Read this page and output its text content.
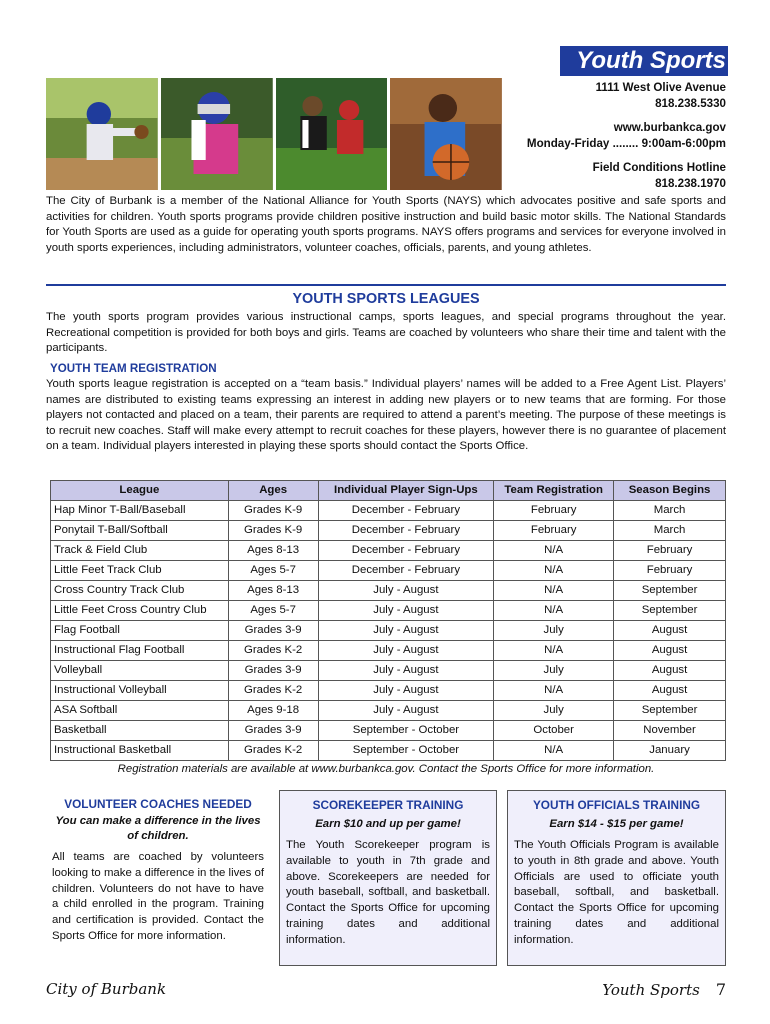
Youth Sports
1111 West Olive Avenue
818.238.5330
www.burbankca.gov
Monday-Friday ........ 9:00am-6:00pm
Field Conditions Hotline
818.238.1970

The City of Burbank is a member of the National Alliance for Youth Sports (NAYS) which advocates positive and safe sports and activities for children. Youth sports programs provide children positive instruction and build basic motor skills. The National Standards for Youth Sports are used as a guide for operating youth sports programs. NAYS offers programs and services for everyone involved in youth sports experiences, including administrators, volunteer coaches, officials, parents, and young athletes.

YOUTH SPORTS LEAGUES

The youth sports program provides various instructional camps, sports leagues, and special programs throughout the year. Recreational competition is provided for both boys and girls. Teams are coached by volunteers who share their time and talent with the participants.

YOUTH TEAM REGISTRATION

Youth sports league registration is accepted on a “team basis.” Individual players’ names will be added to a Free Agent List. Players’ names are distributed to existing teams expressing an interest in adding new players or to new teams that are forming. For those players not contacted and placed on a team, their parents are required to attend a parent’s meeting. The purpose of these meetings is to recruit new coaches. Staff will make every attempt to recruit coaches for these players, however there is no guarantee of placement on a team. Individual players interested in playing these sports should contact the Sports Office.

League	Ages	Individual Player Sign-Ups	Team Registration	Season Begins
Hap Minor T-Ball/Baseball	Grades K-9	December - February	February	March
Ponytail T-Ball/Softball	Grades K-9	December - February	February	March
Track & Field Club	Ages 8-13	December - February	N/A	February
Little Feet Track Club	Ages 5-7	December - February	N/A	February
Cross Country Track Club	Ages 8-13	July - August	N/A	September
Little Feet Cross Country Club	Ages 5-7	July - August	N/A	September
Flag Football	Grades 3-9	July - August	July	August
Instructional Flag Football	Grades K-2	July - August	N/A	August
Volleyball	Grades 3-9	July - August	July	August
Instructional Volleyball	Grades K-2	July - August	N/A	August
ASA Softball	Ages 9-18	July - August	July	September
Basketball	Grades 3-9	September - October	October	November
Instructional Basketball	Grades K-2	September - October	N/A	January
Registration materials are available at www.burbankca.gov. Contact the Sports Office for more information.
VOLUNTEER COACHES NEEDED
You can make a difference in the lives of children.

All teams are coached by volunteers looking to make a difference in the lives of children. Volunteers do not have to have a child enrolled in the program. Training and certification is provided. Contact the Sports Office for more information.

SCOREKEEPER TRAINING
Earn $10 and up per game!

The Youth Scorekeeper program is available to youth in 7th grade and above. Scorekeepers are needed for youth baseball, softball, and basketball. Contact the Sports Office for upcoming training dates and additional information.

YOUTH OFFICIALS TRAINING
Earn $14 - $15 per game!

The Youth Officials Program is available to youth in 8th grade and above. Youth Officials are used to officiate youth baseball, softball, and basketball. Contact the Sports Office for upcoming training dates and additional information.

City of Burbank	Youth Sports 7
